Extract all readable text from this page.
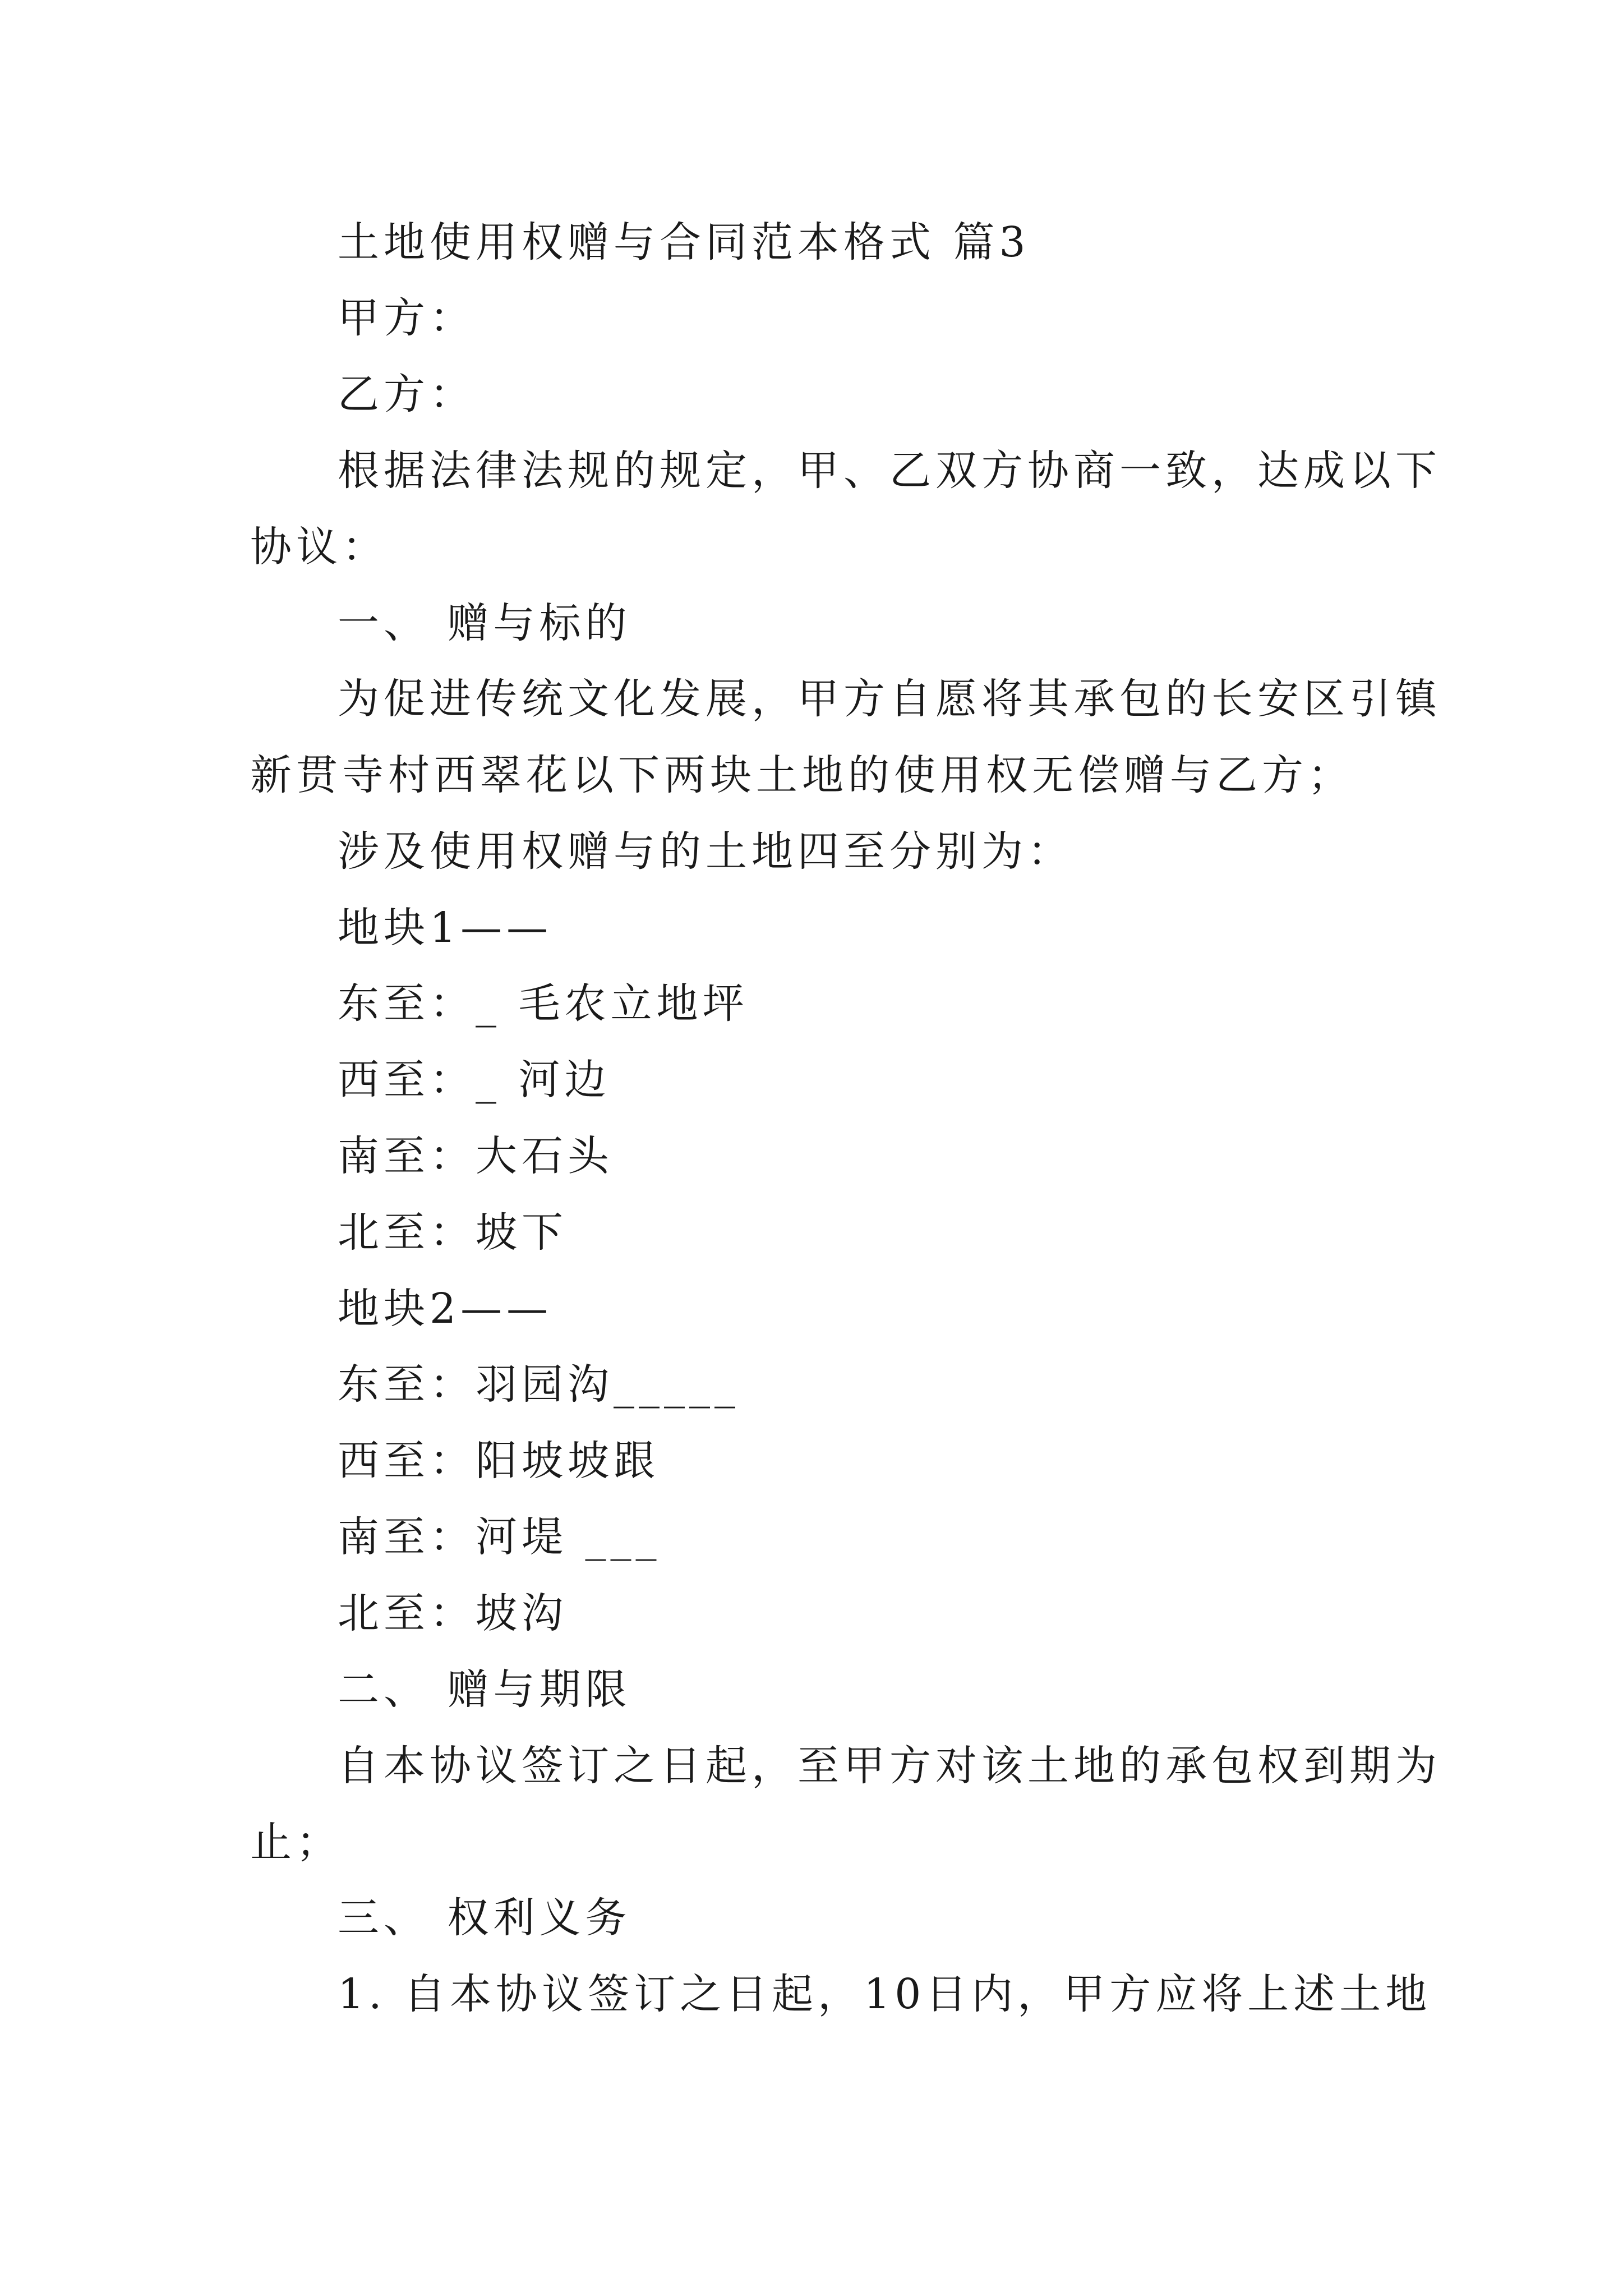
土地使用权赠与合同范本格式 篇3
甲方：
乙方：
根据法律法规的规定，甲、乙双方协商一致，达成以下
协议：
一、 赠与标的
为促进传统文化发展，甲方自愿将其承包的长安区引镇
新贯寺村西翠花以下两块土地的使用权无偿赠与乙方；
涉及使用权赠与的土地四至分别为：
地块1——
东至：_ 毛农立地坪
西至：_ 河边
南至：大石头
北至：坡下
地块2——
东至：羽园沟_____
西至：阳坡坡跟
南至：河堤 ___
北至：坡沟
二、 赠与期限
自本协议签订之日起，至甲方对该土地的承包权到期为
止；
三、 权利义务
1. 自本协议签订之日起，10日内，甲方应将上述土地
